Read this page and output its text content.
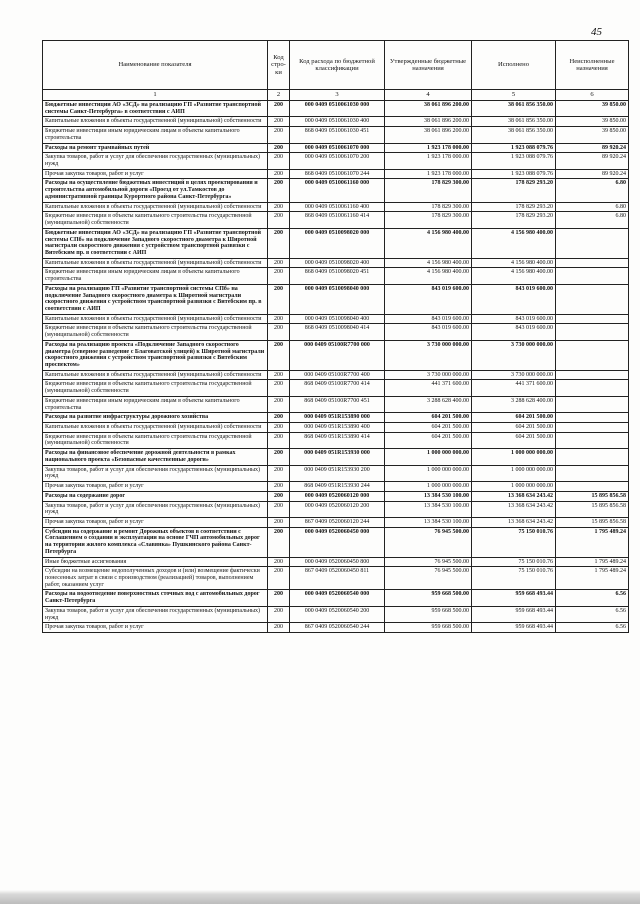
45
Наименование показателя	Код стро-ки	Код расхода по бюджетной классификации	Утвержденные бюджетные назначения	Исполнено	Неисполненные назначения
1	2	3	4	5	6
Бюджетные инвестиции АО «ЗСД» на реализацию ГП «Развитие транспортной системы Санкт-Петербурга» в соответствии с АИП	200	000 0409 0510061030 000	38 061 896 200.00	38 061 856 350.00	39 850.00
Капитальные вложения в объекты государственной (муниципальной) собственности	200	000 0409 0510061030 400	38 061 896 200.00	38 061 856 350.00	39 850.00
Бюджетные инвестиции иным юридическим лицам в объекты капитального строительства	200	868 0409 0510061030 451	38 061 896 200.00	38 061 856 350.00	39 850.00
Расходы на ремонт трамвайных путей	200	000 0409 0510061070 000	1 923 178 000.00	1 923 088 079.76	89 920.24
Закупка товаров, работ и услуг для обеспечения государственных (муниципальных) нужд	200	000 0409 0510061070 200	1 923 178 000.00	1 923 088 079.76	89 920.24
Прочая закупка товаров, работ и услуг	200	868 0409 0510061070 244	1 923 178 000.00	1 923 088 079.76	89 920.24
Расходы на осуществление бюджетных инвестиций в целях проектирования и строительства автомобильной дороги «Проезд от ул.Тамкостов до административной границы Курортного района Санкт-Петербурга»	200	000 0409 0510061160 000	178 829 300.00	178 829 293.20	6.80
Капитальные вложения в объекты государственной (муниципальной) собственности	200	000 0409 0510061160 400	178 829 300.00	178 829 293.20	6.80
Бюджетные инвестиции в объекты капитального строительства государственной (муниципальной) собственности	200	868 0409 0510061160 414	178 829 300.00	178 829 293.20	6.80
Бюджетные инвестиции АО «ЗСД» на реализацию ГП «Развитие транспортной системы СПб» на подключение Западного скоростного диаметра к Широтной магистрали скоростного движения с устройством транспортной развязки с Витебским пр. в соответствии с АИП	200	000 0409 0510098020 000	4 156 980 400.00	4 156 980 400.00	
Капитальные вложения в объекты государственной (муниципальной) собственности	200	000 0409 0510098020 400	4 156 980 400.00	4 156 980 400.00	
Бюджетные инвестиции иным юридическим лицам в объекты капитального строительства	200	868 0409 0510098020 451	4 156 980 400.00	4 156 980 400.00	
Расходы на реализацию ГП «Развитие транспортной системы СПб» на подключение Западного скоростного диаметра к Широтной магистрали скоростного движения с устройством транспортной развязки с Витебским пр. в соответствии с АИП	200	000 0409 0510098040 000	843 019 600.00	843 019 600.00	
Капитальные вложения в объекты государственной (муниципальной) собственности	200	000 0409 0510098040 400	843 019 600.00	843 019 600.00	
Бюджетные инвестиции в объекты капитального строительства государственной (муниципальной) собственности	200	868 0409 0510098040 414	843 019 600.00	843 019 600.00	
Расходы на реализацию проекта «Подключение Западного скоростного диаметра (северное разведение с Благоватской улицей) к Широтной магистрали скоростного движения с устройством транспортной развязки с Витебским проспектом»	200	000 0409 05100R7700 000	3 730 000 000.00	3 730 000 000.00	
Капитальные вложения в объекты государственной (муниципальной) собственности	200	000 0409 05100R7700 400	3 730 000 000.00	3 730 000 000.00	
Бюджетные инвестиции в объекты капитального строительства государственной (муниципальной) собственности	200	868 0409 05100R7700 414	441 371 600.00	441 371 600.00	
Бюджетные инвестиции иным юридическим лицам в объекты капитального строительства	200	868 0409 05100R7700 451	3 288 628 400.00	3 288 628 400.00	
Расходы на развитие инфраструктуры дорожного хозяйства	200	000 0409 051R153890 000	604 201 500.00	604 201 500.00	
Капитальные вложения в объекты государственной (муниципальной) собственности	200	000 0409 051R153890 400	604 201 500.00	604 201 500.00	
Бюджетные инвестиции в объекты капитального строительства государственной (муниципальной) собственности	200	868 0409 051R153890 414	604 201 500.00	604 201 500.00	
Расходы на финансовое обеспечение дорожной деятельности в рамках национального проекта «Безопасные качественные дороги»	200	000 0409 051R153930 000	1 000 000 000.00	1 000 000 000.00	
Закупка товаров, работ и услуг для обеспечения государственных (муниципальных) нужд	200	000 0409 051R153930 200	1 000 000 000.00	1 000 000 000.00	
Прочая закупка товаров, работ и услуг	200	868 0409 051R153930 244	1 000 000 000.00	1 000 000 000.00	
Расходы на содержание дорог	200	000 0409 0520060120 000	13 384 530 100.00	13 368 634 243.42	15 895 856.58
Закупка товаров, работ и услуг для обеспечения государственных (муниципальных) нужд	200	000 0409 0520060120 200	13 384 530 100.00	13 368 634 243.42	15 895 856.58
Прочая закупка товаров, работ и услуг	200	867 0409 0520060120 244	13 384 530 100.00	13 368 634 243.42	15 895 856.58
Субсидии на содержание и ремонт Дорожных объектов в соответствии с Соглашением о создании и эксплуатации на основе ГЧП автомобильных дорог на территории жилого комплекса «Славянка» Пушкинского района Санкт-Петербурга	200	000 0409 0520060450 000	76 945 500.00	75 150 010.76	1 795 489.24
Иные бюджетные ассигнования	200	000 0409 0520060450 800	76 945 500.00	75 150 010.76	1 795 489.24
Субсидии на возмещение недополученных доходов и (или) возмещение фактически понесенных затрат в связи с производством (реализацией) товаров, выполнением работ, оказанием услуг	200	867 0409 0520060450 811	76 945 500.00	75 150 010.76	1 795 489.24
Расходы на водоотведение поверхностных сточных вод с автомобильных дорог Санкт-Петербурга	200	000 0409 0520060540 000	959 668 500.00	959 668 493.44	6.56
Закупка товаров, работ и услуг для обеспечения государственных (муниципальных) нужд	200	000 0409 0520060540 200	959 668 500.00	959 668 493.44	6.56
Прочая закупка товаров, работ и услуг	200	867 0409 0520060540 244	959 668 500.00	959 668 493.44	6.56
